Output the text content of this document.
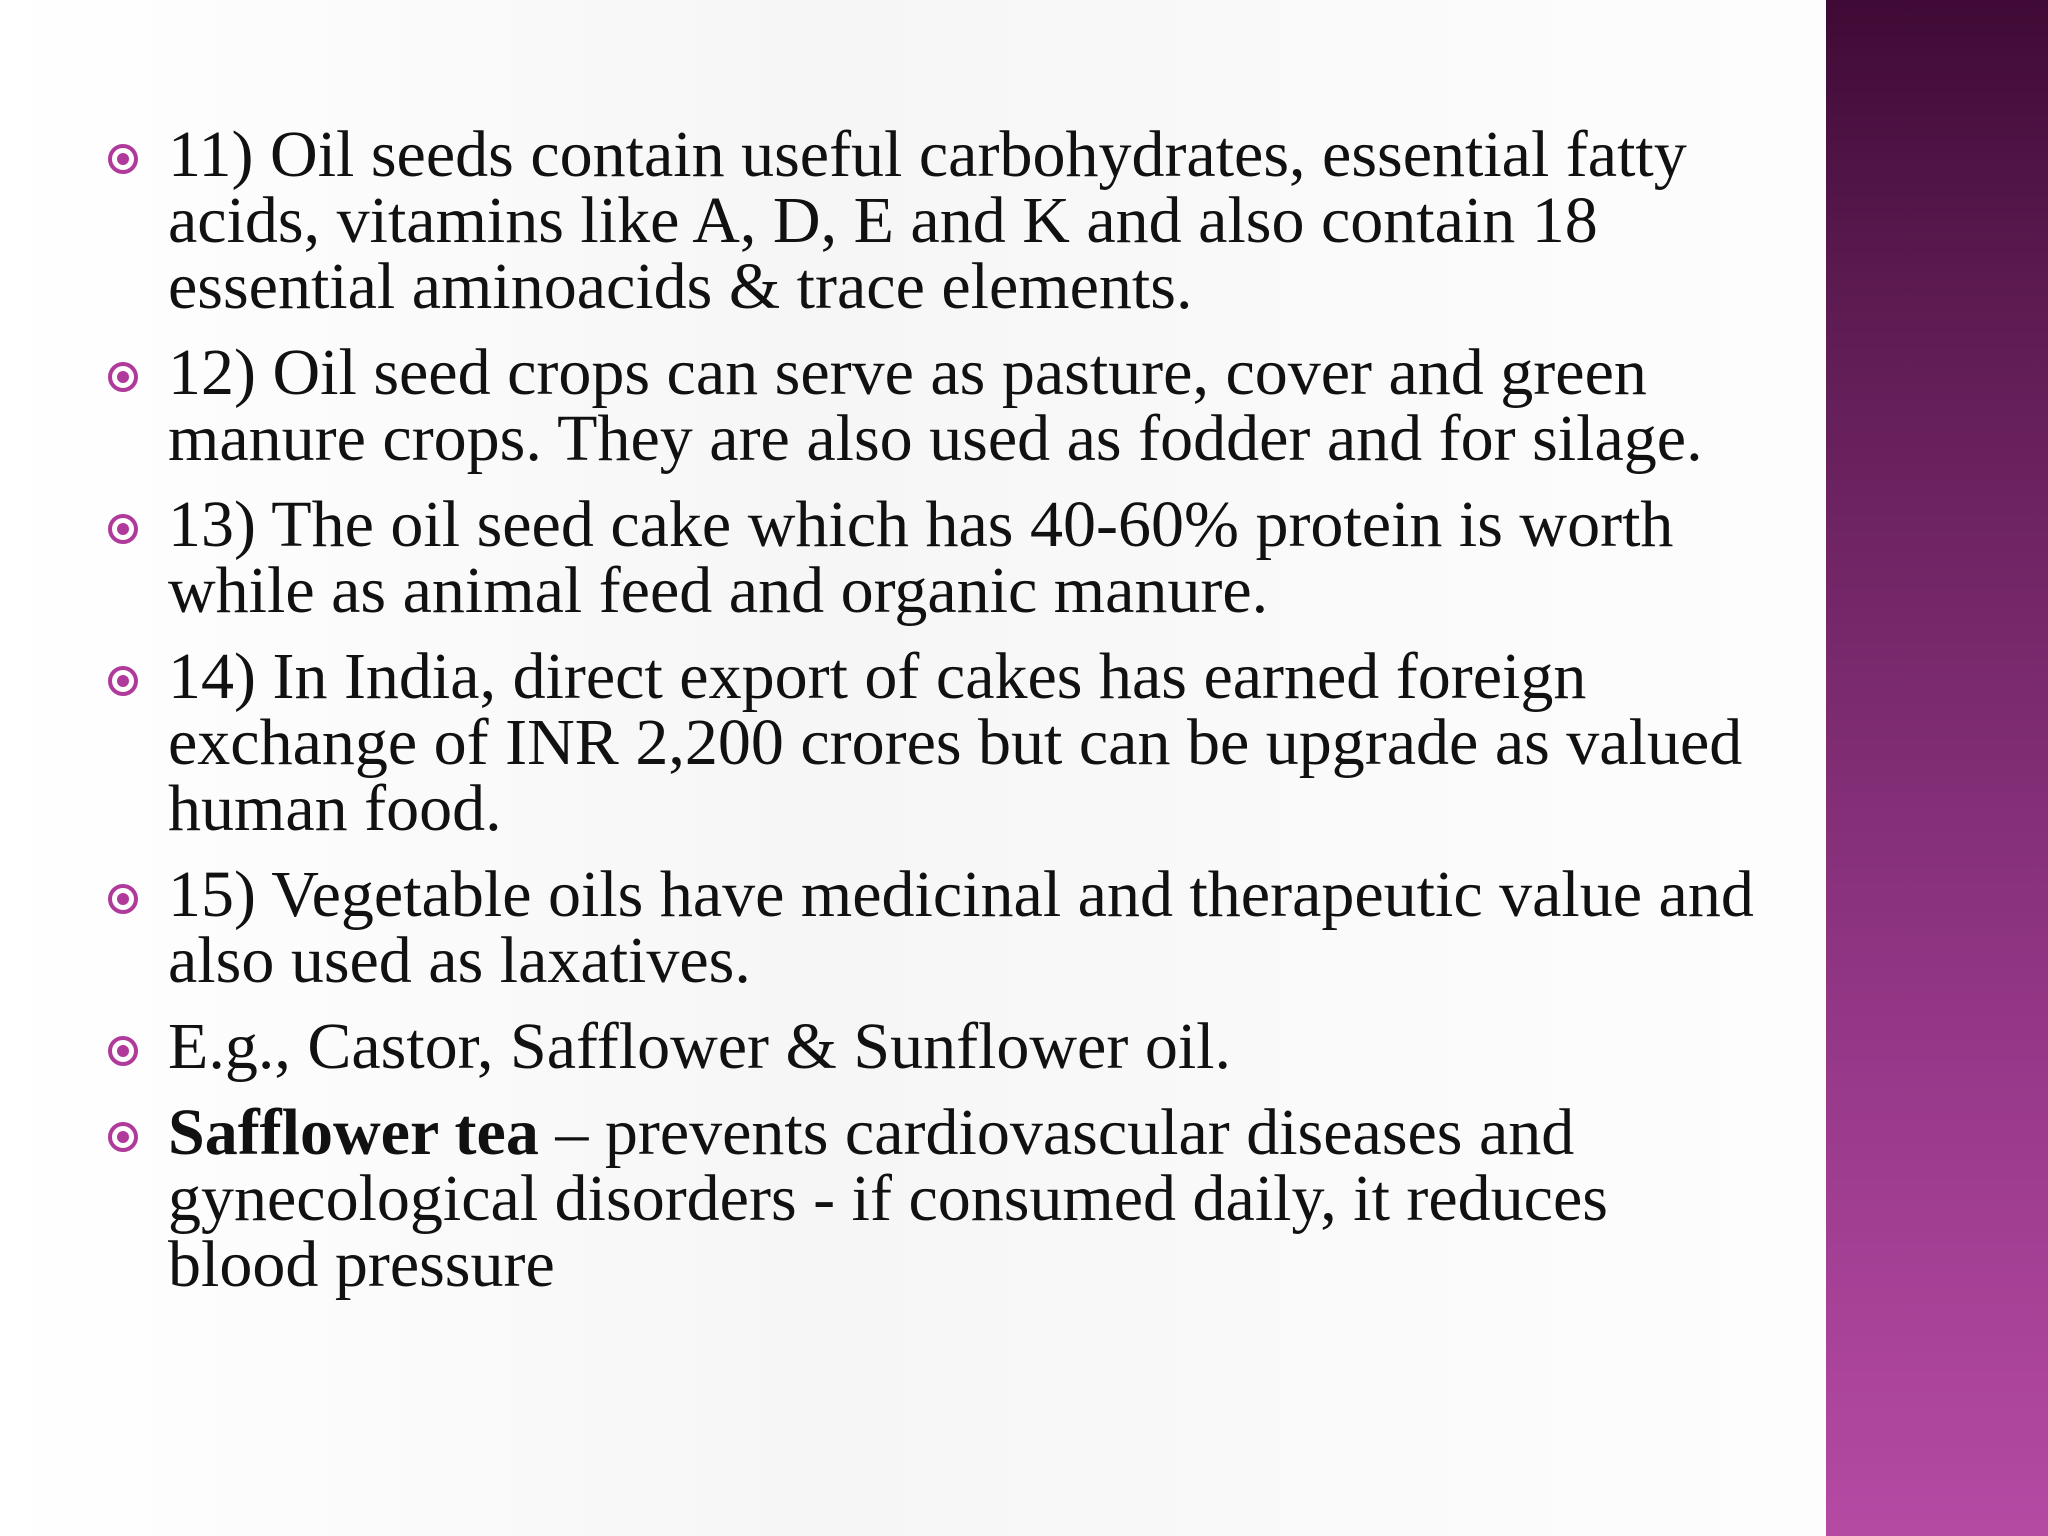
11) Oil seeds contain useful carbohydrates, essential fatty acids, vitamins like A, D, E and K and also contain 18 essential aminoacids & trace elements.
12) Oil seed crops can serve as pasture, cover and green manure crops. They are also used as fodder and for silage.
13) The oil seed cake which has 40-60% protein is worth while as animal feed and organic manure.
14) In India, direct export of cakes has earned foreign exchange of INR 2,200 crores but can be upgrade as valued human food.
15) Vegetable oils have medicinal and therapeutic value and also used as laxatives.
E.g., Castor, Safflower & Sunflower oil.
Safflower tea – prevents cardiovascular diseases and gynecological disorders - if consumed daily, it reduces blood pressure
